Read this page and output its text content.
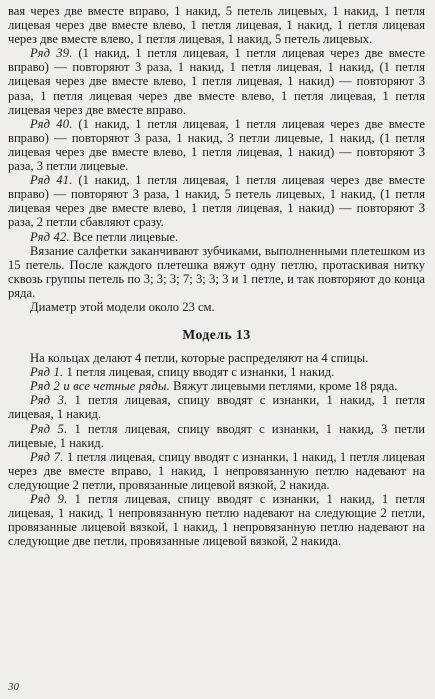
вая через две вместе вправо, 1 накид, 5 петель лицевых, 1 накид, 1 петля лицевая через две вместе влево, 1 петля лицевая, 1 накид, 1 петля лицевая через две вместе влево, 1 петля лицевая, 1 накид, 5 петель лицевых.

Ряд 39. (1 накид, 1 петля лицевая, 1 петля лицевая через две вместе вправо) — повторяют 3 раза, 1 накид, 1 петля лицевая, 1 накид, (1 петля лицевая через две вместе влево, 1 петля лицевая, 1 накид) — повторяют 3 раза, 1 петля лицевая через две вместе влево, 1 петля лицевая, 1 петля лицевая через две вместе вправо.

Ряд 40. (1 накид, 1 петля лицевая, 1 петля лицевая через две вместе вправо) — повторяют 3 раза, 1 накид, 3 петли лицевые, 1 накид, (1 петля лицевая через две вместе влево, 1 петля лицевая, 1 накид) — повторяют 3 раза, 3 петли лицевые.

Ряд 41. (1 накид, 1 петля лицевая, 1 петля лицевая через две вместе вправо) — повторяют 3 раза, 1 накид, 5 петель лицевых, 1 накид, (1 петля лицевая через две вместе влево, 1 петля лицевая, 1 накид) — повторяют 3 раза, 2 петли сбавляют сразу.

Ряд 42. Все петли лицевые.

Вязание салфетки заканчивают зубчиками, выполненными плетешком из 15 петель. После каждого плетешка вяжут одну петлю, протаскивая нитку сквозь группы петель по 3; 3; 3; 7; 3; 3; 3 и 1 петле, и так повторяют до конца ряда.

Диаметр этой модели около 23 см.

Модель 13

На кольцах делают 4 петли, которые распределяют на 4 спицы.

Ряд 1. 1 петля лицевая, спицу вводят с изнанки, 1 накид.

Ряд 2 и все четные ряды. Вяжут лицевыми петлями, кроме 18 ряда.

Ряд 3. 1 петля лицевая, спицу вводят с изнанки, 1 накид, 1 петля лицевая, 1 накид.

Ряд 5. 1 петля лицевая, спицу вводят с изнанки, 1 накид, 3 петли лицевые, 1 накид.

Ряд 7. 1 петля лицевая, спицу вводят с изнанки, 1 накид, 1 петля лицевая через две вместе вправо, 1 накид, 1 непровязанную петлю надевают на следующие 2 петли, провязанные лицевой вязкой, 2 накида.

Ряд 9. 1 петля лицевая, спицу вводят с изнанки, 1 накид, 1 петля лицевая, 1 накид, 1 непровязанную петлю надевают на следующие 2 петли, провязанные лицевой вязкой, 1 накид, 1 непровязанную петлю надевают на следующие две петли, провязанные лицевой вязкой, 2 накида.

30
